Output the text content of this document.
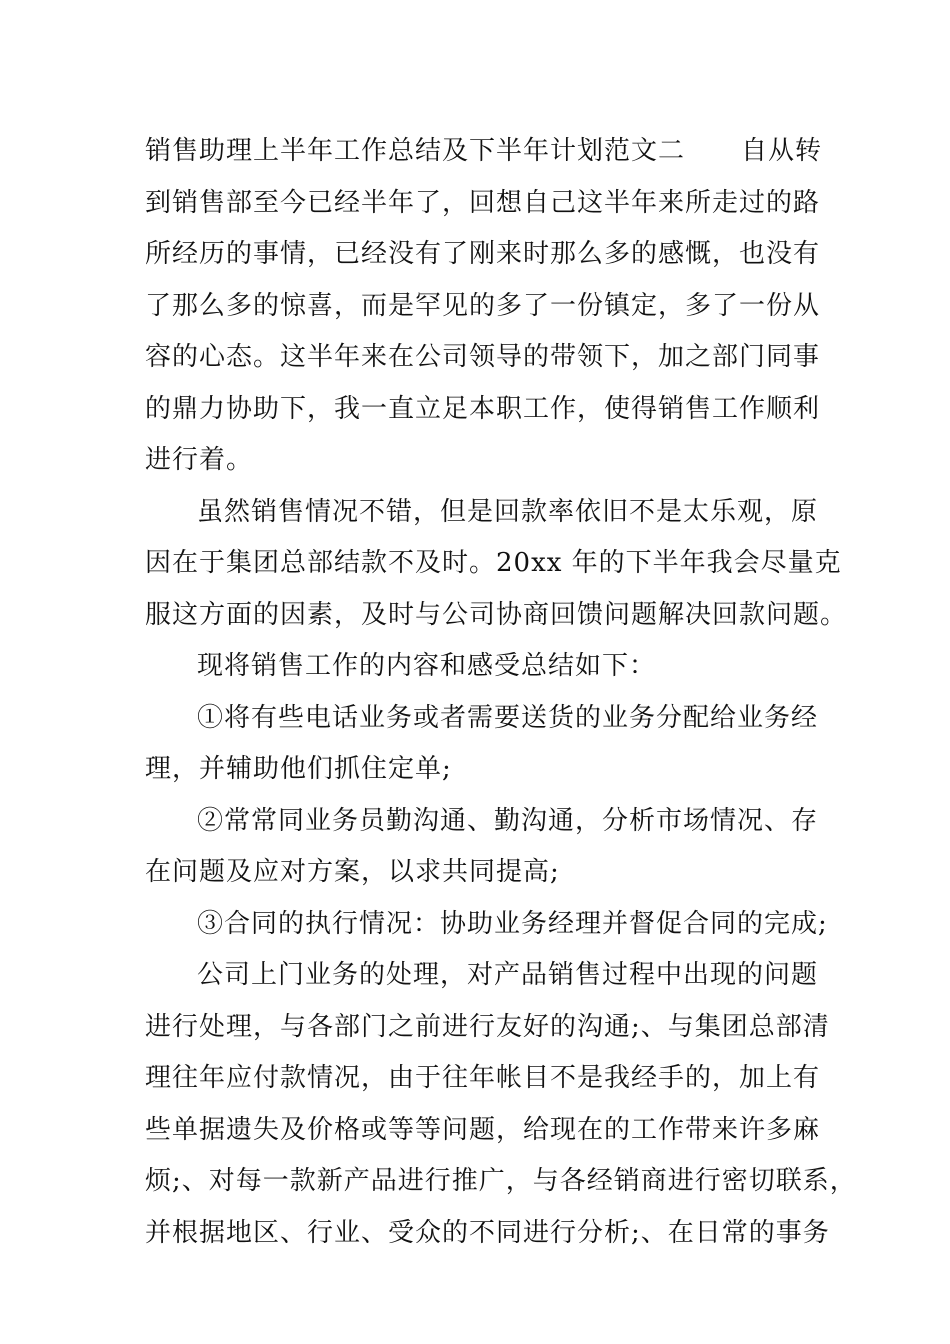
销售助理上半年工作总结及下半年计划范文二 自从转
到销售部至今已经半年了，回想自己这半年来所走过的路
所经历的事情，已经没有了刚来时那么多的感慨，也没有
了那么多的惊喜，而是罕见的多了一份镇定，多了一份从
容的心态。这半年来在公司领导的带领下，加之部门同事
的鼎力协助下，我一直立足本职工作，使得销售工作顺利
进行着。
虽然销售情况不错，但是回款率依旧不是太乐观，原
因在于集团总部结款不及时。20xx 年的下半年我会尽量克
服这方面的因素，及时与公司协商回馈问题解决回款问题。
现将销售工作的内容和感受总结如下：
①将有些电话业务或者需要送货的业务分配给业务经
理，并辅助他们抓住定单;
②常常同业务员勤沟通、勤沟通，分析市场情况、存
在问题及应对方案，以求共同提高;
③合同的执行情况：协助业务经理并督促合同的完成;
公司上门业务的处理，对产品销售过程中出现的问题
进行处理，与各部门之前进行友好的沟通;、与集团总部清
理往年应付款情况，由于往年帐目不是我经手的，加上有
些单据遗失及价格或等等问题，给现在的工作带来许多麻
烦;、对每一款新产品进行推广，与各经销商进行密切联系，
并根据地区、行业、受众的不同进行分析;、在日常的事务
